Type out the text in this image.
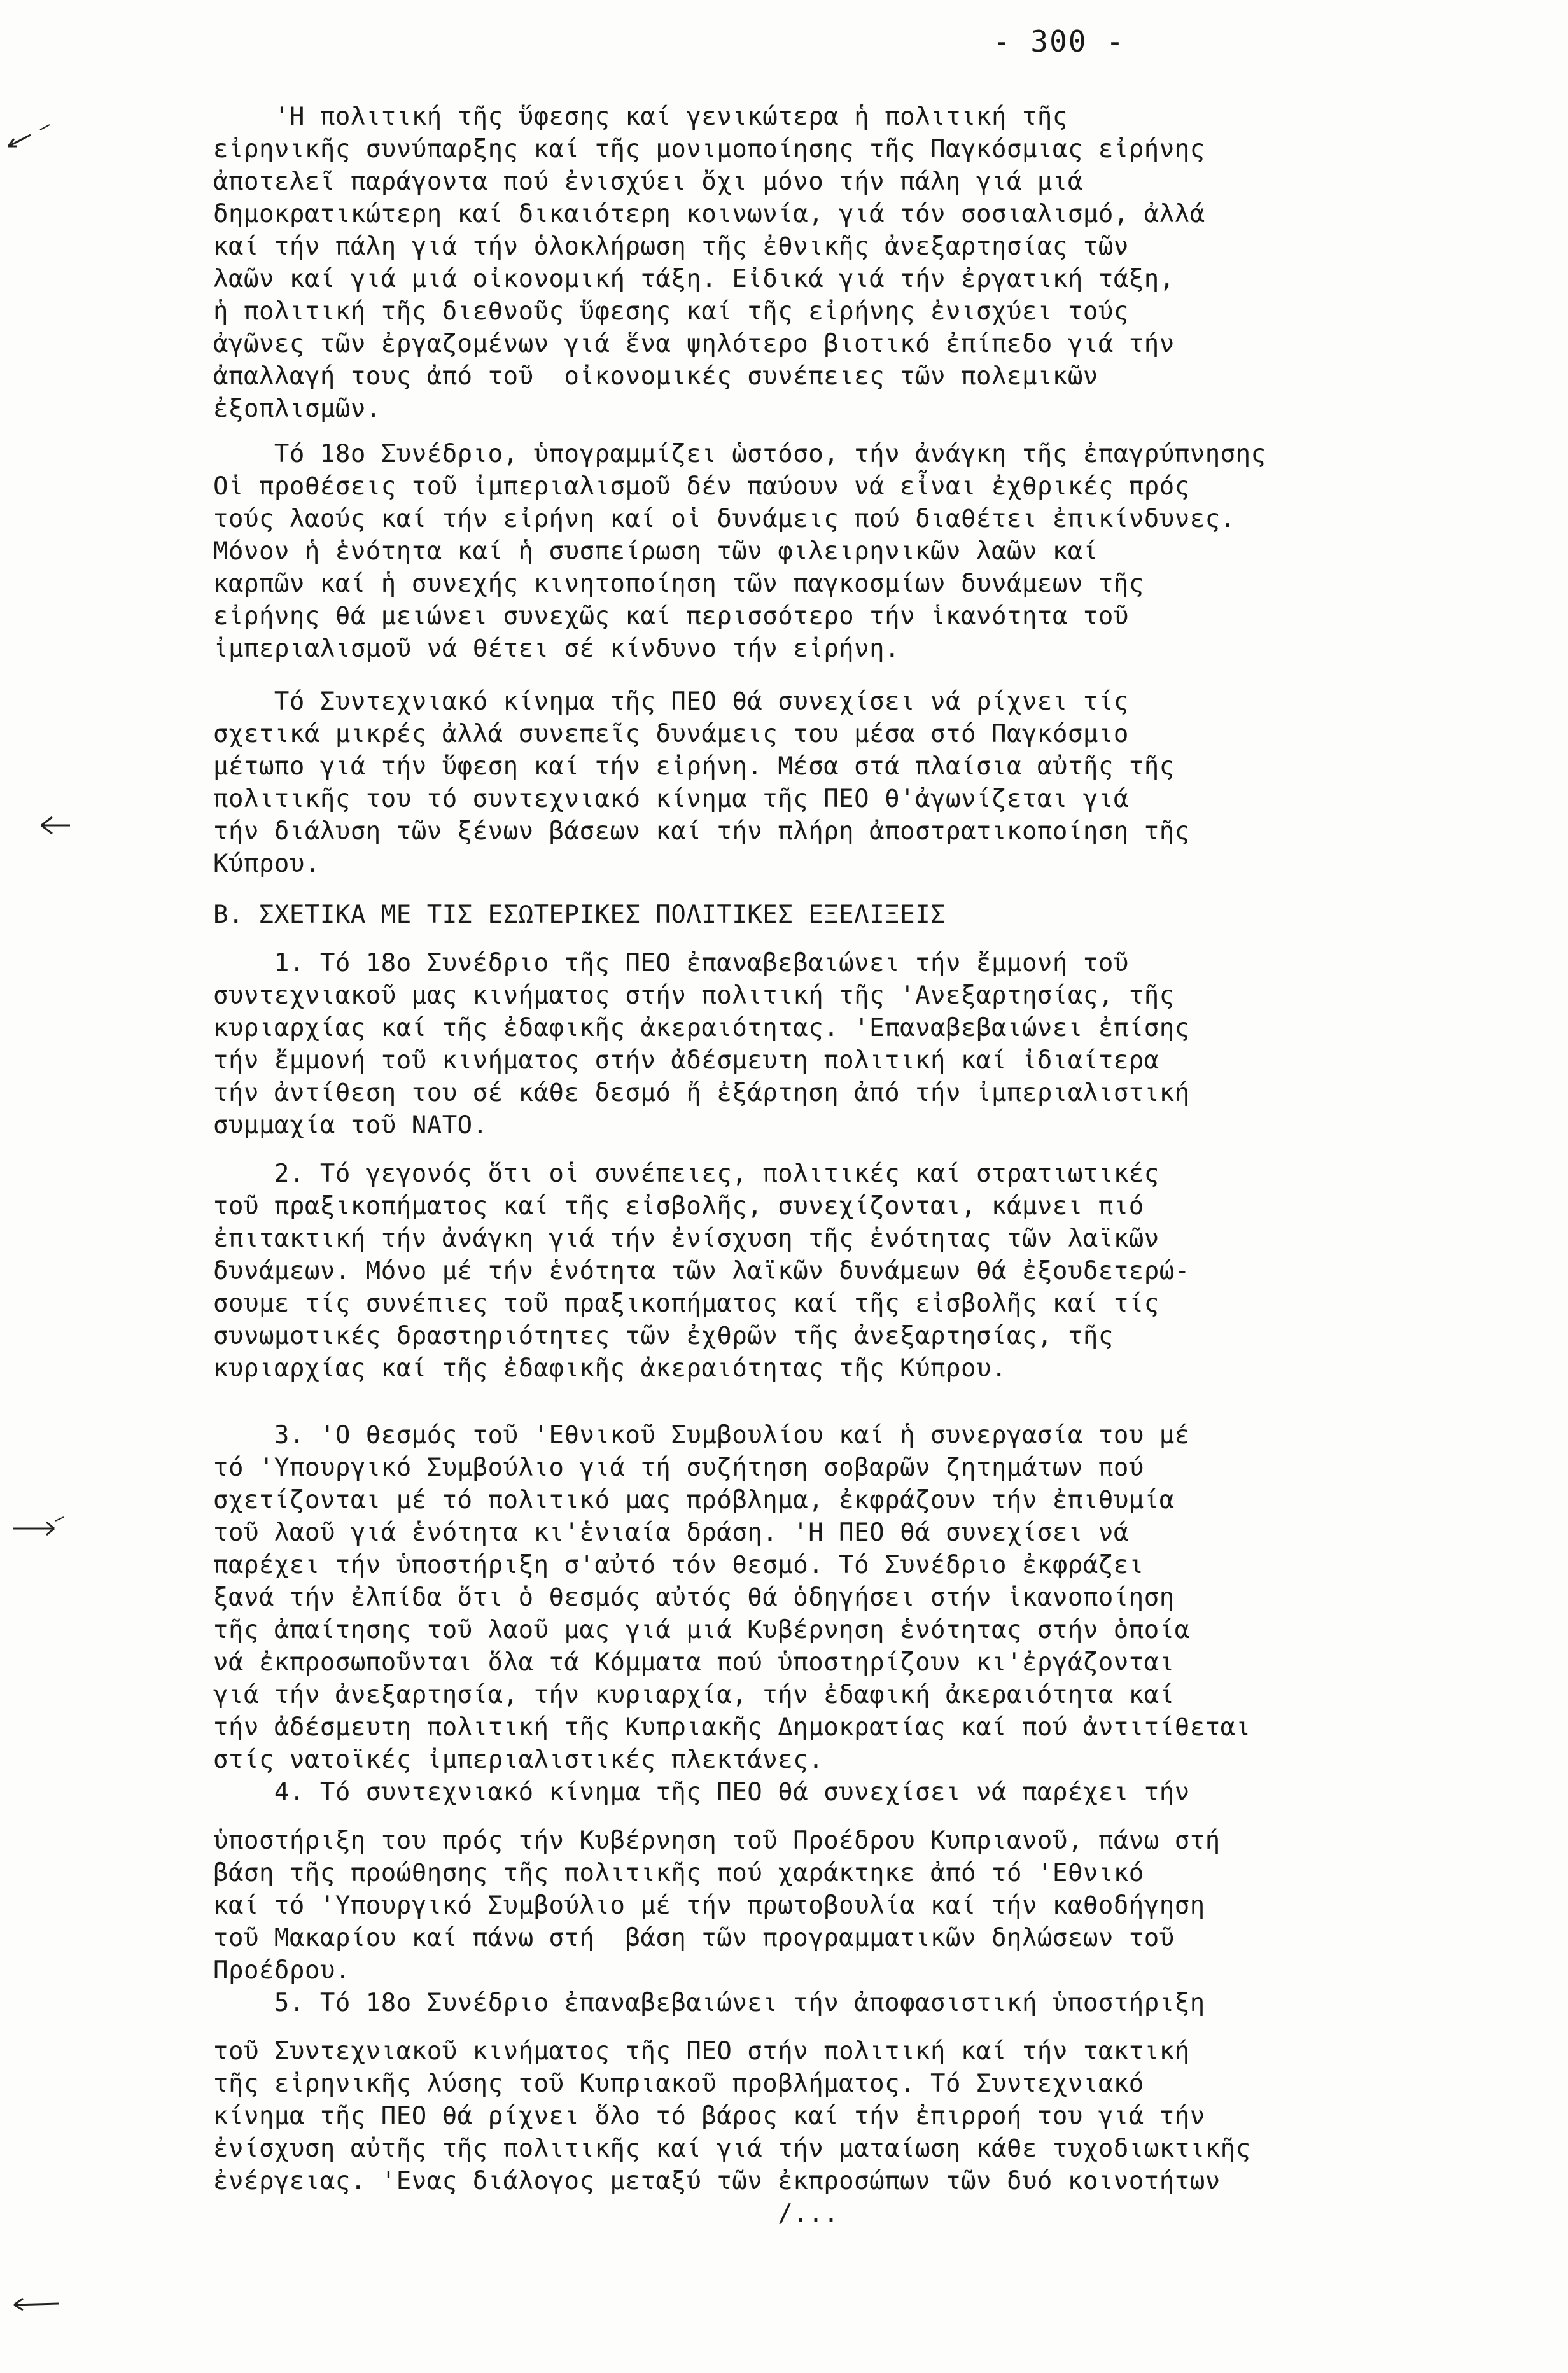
- 300 -
'Η πολιτική τῆς ὕφεσης καί γενικώτερα ἡ πολιτική τῆς
εἰρηνικῆς συνύπαρξης καί τῆς μονιμοποίησης τῆς Παγκόσμιας εἰρήνης
ἀποτελεῖ παράγοντα πού ἐνισχύει ὄχι μόνο τήν πάλη γιά μιά
δημοκρατικώτερη καί δικαιότερη κοινωνία, γιά τόν σοσιαλισμό, ἀλλά
καί τήν πάλη γιά τήν ὁλοκλήρωση τῆς ἐθνικῆς ἀνεξαρτησίας τῶν
λαῶν καί γιά μιά οἰκονομική τάξη. Εἰδικά γιά τήν ἐργατική τάξη,
ἡ πολιτική τῆς διεθνοῦς ὕφεσης καί τῆς εἰρήνης ἐνισχύει τούς
ἀγῶνες τῶν ἐργαζομένων γιά ἕνα ψηλότερο βιοτικό ἐπίπεδο γιά τήν
ἀπαλλαγή τους ἀπό τοῦ  οἰκονομικές συνέπειες τῶν πολεμικῶν
ἐξοπλισμῶν.
Τό 18ο Συνέδριο, ὑπογραμμίζει ὡστόσο, τήν ἀνάγκη τῆς ἐπαγρύπνησης
Οἱ προθέσεις τοῦ ἰμπεριαλισμοῦ δέν παύουν νά εἶναι ἐχθρικές πρός
τούς λαούς καί τήν εἰρήνη καί οἱ δυνάμεις πού διαθέτει ἐπικίνδυνες.
Μόνον ἡ ἑνότητα καί ἡ συσπείρωση τῶν φιλειρηνικῶν λαῶν καί
καρπῶν καί ἡ συνεχής κινητοποίηση τῶν παγκοσμίων δυνάμεων τῆς
εἰρήνης θά μειώνει συνεχῶς καί περισσότερο τήν ἱκανότητα τοῦ
ἰμπεριαλισμοῦ νά θέτει σέ κίνδυνο τήν εἰρήνη.
Τό Συντεχνιακό κίνημα τῆς ΠΕΟ θά συνεχίσει νά ρίχνει τίς
σχετικά μικρές ἀλλά συνεπεῖς δυνάμεις του μέσα στό Παγκόσμιο
μέτωπο γιά τήν ὕφεση καί τήν εἰρήνη. Μέσα στά πλαίσια αὐτῆς τῆς
πολιτικῆς του τό συντεχνιακό κίνημα τῆς ΠΕΟ θ'ἀγωνίζεται γιά
τήν διάλυση τῶν ξένων βάσεων καί τήν πλήρη ἀποστρατικοποίηση τῆς
Κύπρου.
Β. ΣΧΕΤΙΚΑ ΜΕ ΤΙΣ ΕΣΩΤΕΡΙΚΕΣ ΠΟΛΙΤΙΚΕΣ ΕΞΕΛΙΞΕΙΣ
1. Τό 18ο Συνέδριο τῆς ΠΕΟ ἐπαναβεβαιώνει τήν ἔμμονή τοῦ
συντεχνιακοῦ μας κινήματος στήν πολιτική τῆς 'Ανεξαρτησίας, τῆς
κυριαρχίας καί τῆς ἐδαφικῆς ἀκεραιότητας. 'Επαναβεβαιώνει ἐπίσης
τήν ἔμμονή τοῦ κινήματος στήν ἀδέσμευτη πολιτική καί ἰδιαίτερα
τήν ἀντίθεση του σέ κάθε δεσμό ἤ ἐξάρτηση ἀπό τήν ἰμπεριαλιστική
συμμαχία τοῦ ΝΑΤΟ.
2. Τό γεγονός ὅτι οἱ συνέπειες, πολιτικές καί στρατιωτικές
τοῦ πραξικοπήματος καί τῆς εἰσβολῆς, συνεχίζονται, κάμνει πιό
ἐπιτακτική τήν ἀνάγκη γιά τήν ἐνίσχυση τῆς ἑνότητας τῶν λαϊκῶν
δυνάμεων. Μόνο μέ τήν ἑνότητα τῶν λαϊκῶν δυνάμεων θά ἐξουδετερώ-
σουμε τίς συνέπιες τοῦ πραξικοπήματος καί τῆς εἰσβολῆς καί τίς
συνωμοτικές δραστηριότητες τῶν ἐχθρῶν τῆς ἀνεξαρτησίας, τῆς
κυριαρχίας καί τῆς ἐδαφικῆς ἀκεραιότητας τῆς Κύπρου.
3. 'Ο θεσμός τοῦ 'Εθνικοῦ Συμβουλίου καί ἡ συνεργασία του μέ
τό 'Υπουργικό Συμβούλιο γιά τή συζήτηση σοβαρῶν ζητημάτων πού
σχετίζονται μέ τό πολιτικό μας πρόβλημα, ἐκφράζουν τήν ἐπιθυμία
τοῦ λαοῦ γιά ἑνότητα κι'ἑνιαία δράση. 'Η ΠΕΟ θά συνεχίσει νά
παρέχει τήν ὑποστήριξη σ'αὐτό τόν θεσμό. Τό Συνέδριο ἐκφράζει
ξανά τήν ἐλπίδα ὅτι ὁ θεσμός αὐτός θά ὁδηγήσει στήν ἱκανοποίηση
τῆς ἀπαίτησης τοῦ λαοῦ μας γιά μιά Κυβέρνηση ἑνότητας στήν ὁποία
νά ἐκπροσωποῦνται ὅλα τά Κόμματα πού ὑποστηρίζουν κι'ἐργάζονται
γιά τήν ἀνεξαρτησία, τήν κυριαρχία, τήν ἐδαφική ἀκεραιότητα καί
τήν ἀδέσμευτη πολιτική τῆς Κυπριακῆς Δημοκρατίας καί πού ἀντιτίθεται
στίς νατοϊκές ἰμπεριαλιστικές πλεκτάνες.
4. Τό συντεχνιακό κίνημα τῆς ΠΕΟ θά συνεχίσει νά παρέχει τήν
ὑποστήριξη του πρός τήν Κυβέρνηση τοῦ Προέδρου Κυπριανοῦ, πάνω στή
βάση τῆς προώθησης τῆς πολιτικῆς πού χαράκτηκε ἀπό τό 'Εθνικό
καί τό 'Υπουργικό Συμβούλιο μέ τήν πρωτοβουλία καί τήν καθοδήγηση
τοῦ Μακαρίου καί πάνω στή  βάση τῶν προγραμματικῶν δηλώσεων τοῦ
Προέδρου.
5. Τό 18ο Συνέδριο ἐπαναβεβαιώνει τήν ἀποφασιστική ὑποστήριξη
τοῦ Συντεχνιακοῦ κινήματος τῆς ΠΕΟ στήν πολιτική καί τήν τακτική
τῆς εἰρηνικῆς λύσης τοῦ Κυπριακοῦ προβλήματος. Τό Συντεχνιακό
κίνημα τῆς ΠΕΟ θά ρίχνει ὅλο τό βάρος καί τήν ἐπιρροή του γιά τήν
ἐνίσχυση αὐτῆς τῆς πολιτικῆς καί γιά τήν ματαίωση κάθε τυχοδιωκτικῆς
ἐνέργειας. 'Ενας διάλογος μεταξύ τῶν ἐκπροσώπων τῶν δυό κοινοτήτων
/...
